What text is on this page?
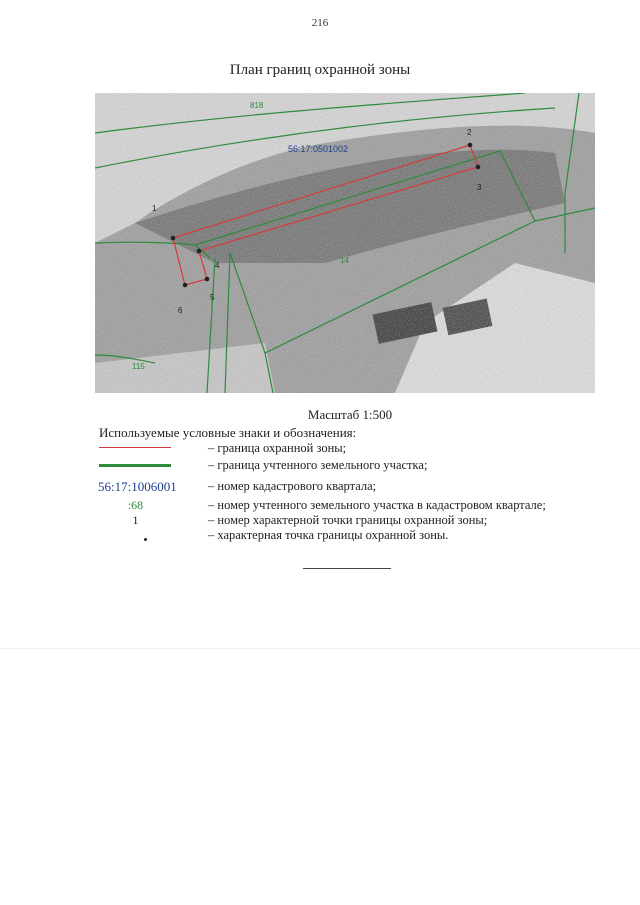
216
План границ охранной зоны
1
2
3
4
5
6
56:17:0501002
818
14
115
Масштаб 1:500
Используемые условные знаки и обозначения:
– граница охранной зоны;
– граница учтенного земельного участка;
56:17:1006001	– номер кадастрового квартала;
:68	– номер учтенного земельного участка в кадастровом квартале;
1	– номер характерной точки границы охранной зоны;
– характерная точка границы охранной зоны.
